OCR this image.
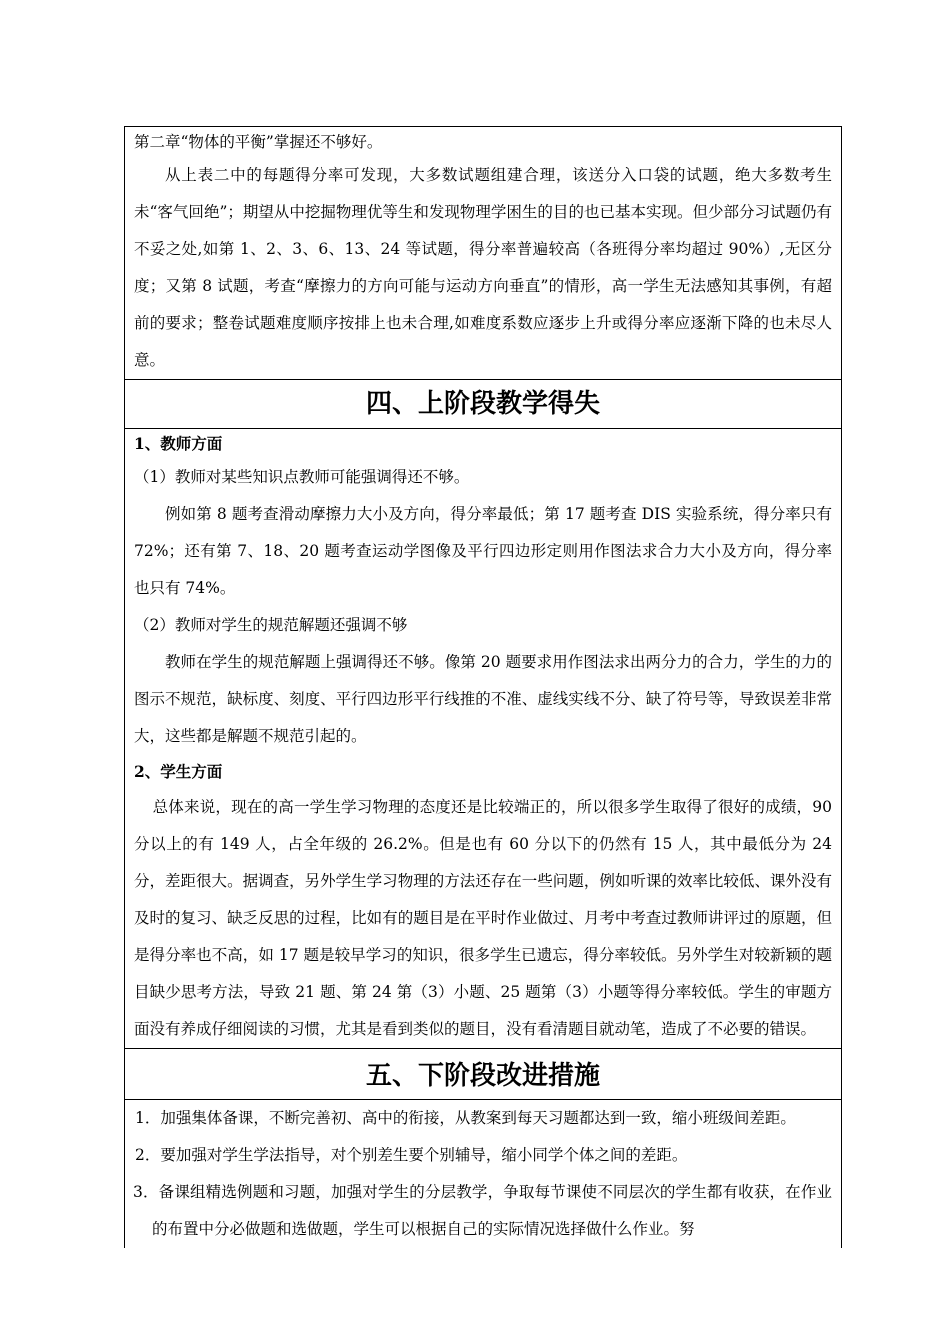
第二章“物体的平衡”掌握还不够好。
从上表二中的每题得分率可发现，大多数试题组建合理，该送分入口袋的试题，绝大多数考生未“客气回绝”；期望从中挖掘物理优等生和发现物理学困生的目的也已基本实现。但少部分习试题仍有不妥之处,如第 1、2、3、6、13、24 等试题，得分率普遍较高（各班得分率均超过 90%）,无区分度；又第 8 试题，考查“摩擦力的方向可能与运动方向垂直”的情形，高一学生无法感知其事例，有超前的要求；整卷试题难度顺序按排上也未合理,如难度系数应逐步上升或得分率应逐渐下降的也未尽人意。
四、上阶段教学得失
1、教师方面
（1）教师对某些知识点教师可能强调得还不够。
例如第 8 题考查滑动摩擦力大小及方向，得分率最低；第 17 题考查 DIS 实验系统，得分率只有 72%；还有第 7、18、20 题考查运动学图像及平行四边形定则用作图法求合力大小及方向，得分率也只有 74%。
（2）教师对学生的规范解题还强调不够
教师在学生的规范解题上强调得还不够。像第 20 题要求用作图法求出两分力的合力，学生的力的图示不规范，缺标度、刻度、平行四边形平行线推的不准、虚线实线不分、缺了符号等，导致误差非常大，这些都是解题不规范引起的。
2、学生方面
总体来说，现在的高一学生学习物理的态度还是比较端正的，所以很多学生取得了很好的成绩，90 分以上的有 149 人，占全年级的 26.2%。但是也有 60 分以下的仍然有 15 人，其中最低分为 24 分，差距很大。据调查，另外学生学习物理的方法还存在一些问题，例如听课的效率比较低、课外没有及时的复习、缺乏反思的过程，比如有的题目是在平时作业做过、月考中考查过教师讲评过的原题，但是得分率也不高，如 17 题是较早学习的知识，很多学生已遗忘，得分率较低。另外学生对较新颖的题目缺少思考方法，导致 21 题、第 24 第（3）小题、25 题第（3）小题等得分率较低。学生的审题方面没有养成仔细阅读的习惯，尤其是看到类似的题目，没有看清题目就动笔，造成了不必要的错误。
五、下阶段改进措施
1．加强集体备课，不断完善初、高中的衔接，从教案到每天习题都达到一致，缩小班级间差距。
2．要加强对学生学法指导，对个别差生要个别辅导，缩小同学个体之间的差距。
3．备课组精选例题和习题，加强对学生的分层教学，争取每节课使不同层次的学生都有收获，在作业的布置中分必做题和选做题，学生可以根据自己的实际情况选择做什么作业。努
